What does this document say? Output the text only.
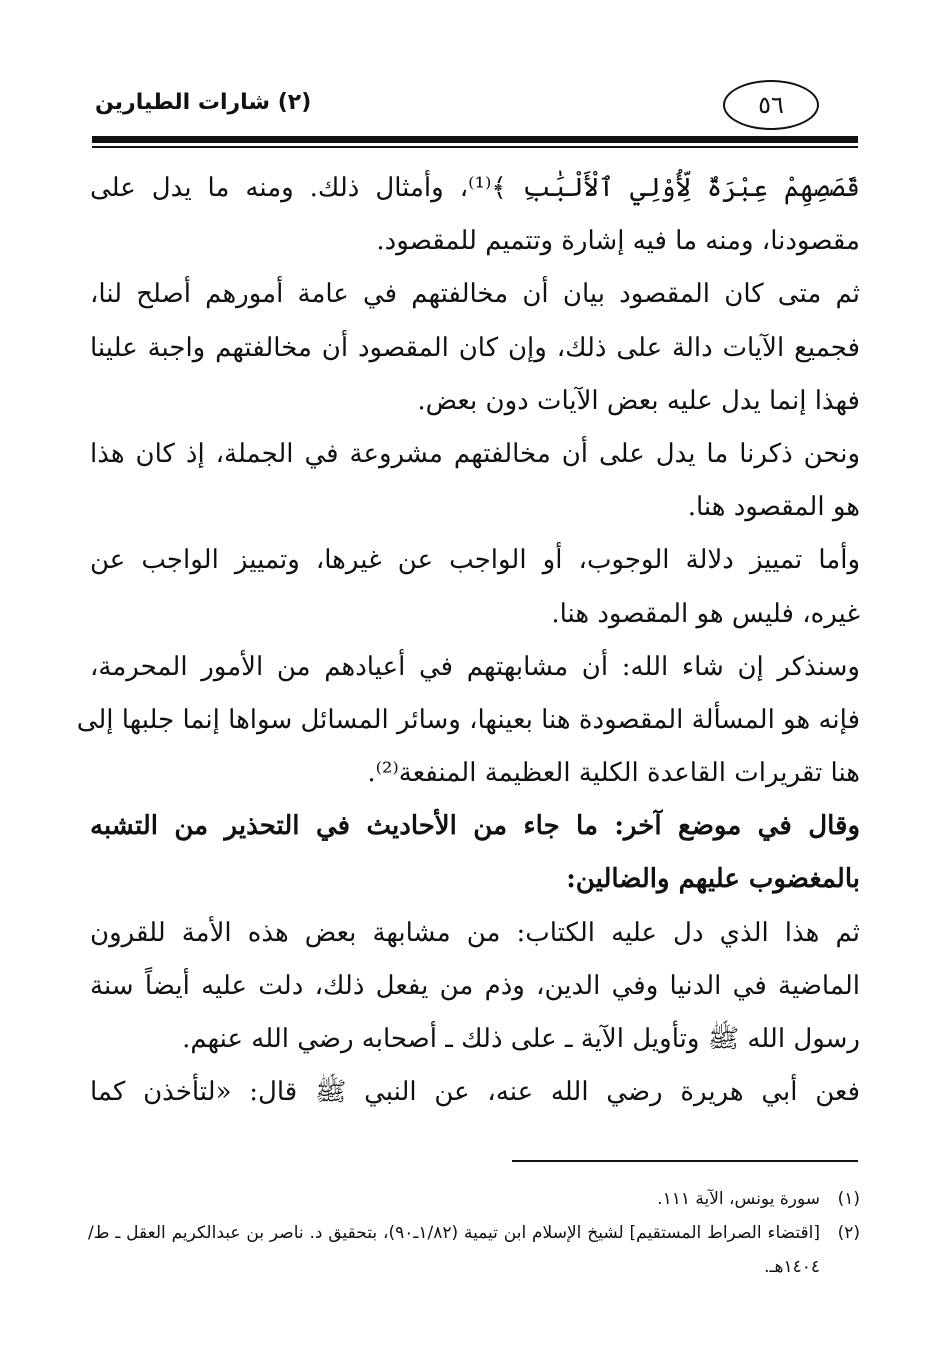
(٢) شارات الطيارين	٥٦
قَصَصِهِمْ عِبْرَةٌ لِّأُوْلِي ٱلْأَلْبَٰبِ ﴾⁽¹⁾، وأمثال ذلك. ومنه ما يدل على
مقصودنا، ومنه ما فيه إشارة وتتميم للمقصود.
ثم متى كان المقصود بيان أن مخالفتهم في عامة أمورهم أصلح لنا،
فجميع الآيات دالة على ذلك، وإن كان المقصود أن مخالفتهم واجبة علينا
فهذا إنما يدل عليه بعض الآيات دون بعض.
ونحن ذكرنا ما يدل على أن مخالفتهم مشروعة في الجملة، إذ كان هذا
هو المقصود هنا.
وأما تمييز دلالة الوجوب، أو الواجب عن غيرها، وتمييز الواجب عن
غيره، فليس هو المقصود هنا.
وسنذكر إن شاء الله: أن مشابهتهم في أعيادهم من الأمور المحرمة،
فإنه هو المسألة المقصودة هنا بعينها، وسائر المسائل سواها إنما جلبها إلى
هنا تقريرات القاعدة الكلية العظيمة المنفعة⁽²⁾.
وقال في موضع آخر: ما جاء من الأحاديث في التحذير من التشبه
بالمغضوب عليهم والضالين:
ثم هذا الذي دل عليه الكتاب: من مشابهة بعض هذه الأمة للقرون
الماضية في الدنيا وفي الدين، وذم من يفعل ذلك، دلت عليه أيضاً سنة
رسول الله ﷺ وتأويل الآية ـ على ذلك ـ أصحابه رضي الله عنهم.
فعن أبي هريرة رضي الله عنه، عن النبي ﷺ قال: «لتأخذن كما
(١)
سورة يونس، الآية ١١١.
(٢)
[اقتضاء الصراط المستقيم] لشيخ الإسلام ابن تيمية (١/٨٢ـ٩٠)، بتحقيق د. ناصر بن عبدالكريم العقل ـ ط/ ١٤٠٤هـ.
